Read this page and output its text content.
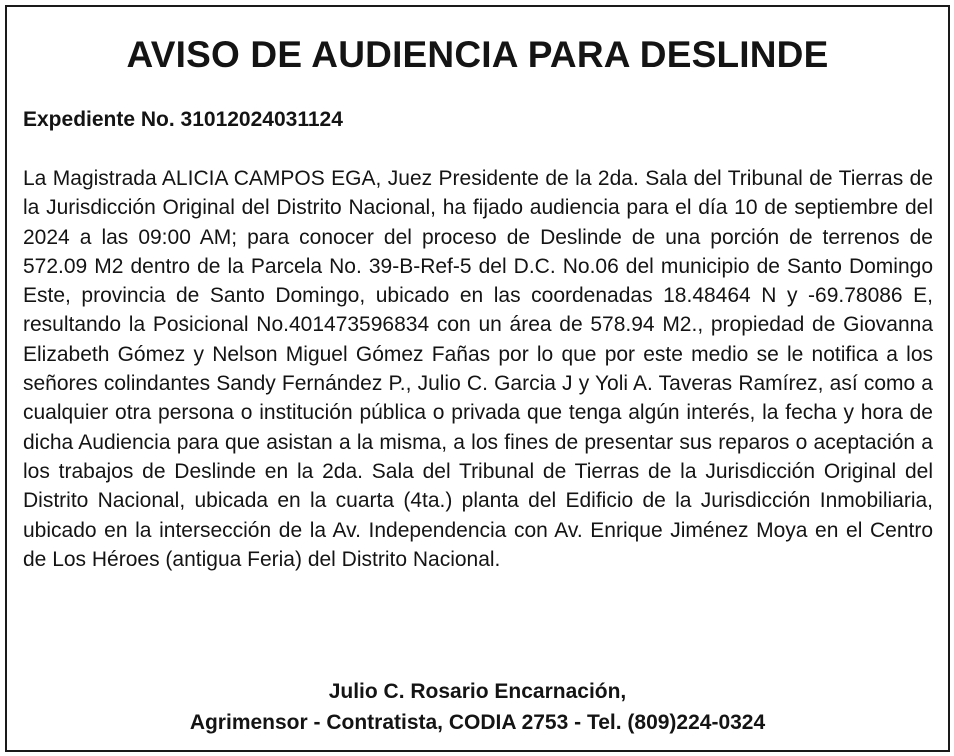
AVISO DE AUDIENCIA PARA DESLINDE

Expediente No. 31012024031124

La Magistrada ALICIA CAMPOS EGA, Juez Presidente de la 2da. Sala del Tribunal de Tierras de la Jurisdicción Original del Distrito Nacional, ha fijado audiencia para el día 10 de septiembre del 2024 a las 09:00 AM; para conocer del proceso de Deslinde de una porción de terrenos de 572.09 M2 dentro de la Parcela No. 39-B-Ref-5 del D.C. No.06 del municipio de Santo Domingo Este, provincia de Santo Domingo, ubicado en las coordenadas 18.48464 N y -69.78086 E, resultando la Posicional No.401473596834 con un área de 578.94 M2., propiedad de Giovanna Elizabeth Gómez y Nelson Miguel Gómez Fañas por lo que por este medio se le notifica a los señores colindantes Sandy Fernández P., Julio C. Garcia J y Yoli A. Taveras Ramírez, así como a cualquier otra persona o institución pública o privada que tenga algún interés, la fecha y hora de dicha Audiencia para que asistan a la misma, a los fines de presentar sus reparos o aceptación a los trabajos de Deslinde en la 2da. Sala del Tribunal de Tierras de la Jurisdicción Original del Distrito Nacional, ubicada en la cuarta (4ta.) planta del Edificio de la Jurisdicción Inmobiliaria, ubicado en la intersección de la Av. Independencia con Av. Enrique Jiménez Moya en el Centro de Los Héroes (antigua Feria) del Distrito Nacional.

Julio C. Rosario Encarnación,
Agrimensor - Contratista, CODIA 2753 - Tel. (809)224-0324
